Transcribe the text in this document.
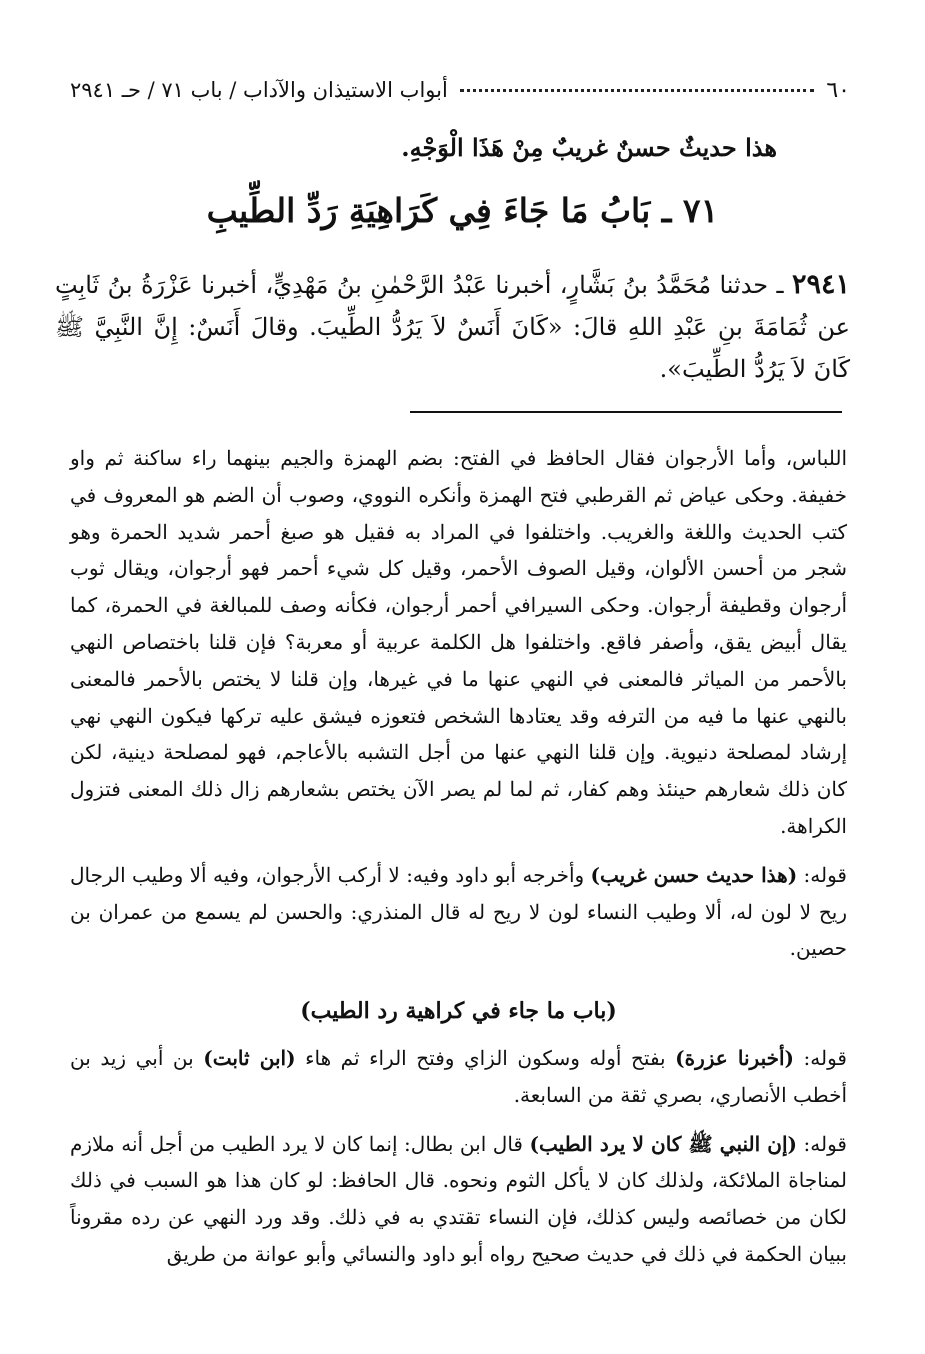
٦٠
أبواب الاستيذان والآداب / باب ٧١ / حـ ٢٩٤١
هذا حديثٌ حسنٌ غريبٌ مِنْ هَذَا الْوَجْهِ.
٧١ ـ بَابُ مَا جَاءَ فِي كَرَاهِيَةِ رَدِّ الطِّيبِ
٢٩٤١ ـ حدثنا مُحَمَّدُ بنُ بَشَّارٍ، أخبرنا عَبْدُ الرَّحْمٰنِ بنُ مَهْدِيٍّ، أخبرنا عَزْرَةُ بنُ ثَابِتٍ عن ثُمَامَةَ بنِ عَبْدِ اللهِ قالَ: «كَانَ أَنَسٌ لاَ يَرُدُّ الطِّيبَ. وقالَ أَنَسٌ: إِنَّ النَّبِيَّ ﷺ كَانَ لاَ يَرُدُّ الطِّيبَ».

اللباس، وأما الأرجوان فقال الحافظ في الفتح: بضم الهمزة والجيم بينهما راء ساكنة ثم واو خفيفة. وحكى عياض ثم القرطبي فتح الهمزة وأنكره النووي، وصوب أن الضم هو المعروف في كتب الحديث واللغة والغريب. واختلفوا في المراد به فقيل هو صبغ أحمر شديد الحمرة وهو شجر من أحسن الألوان، وقيل الصوف الأحمر، وقيل كل شيء أحمر فهو أرجوان، ويقال ثوب أرجوان وقطيفة أرجوان. وحكى السيرافي أحمر أرجوان، فكأنه وصف للمبالغة في الحمرة، كما يقال أبيض يقق، وأصفر فاقع. واختلفوا هل الكلمة عربية أو معربة؟ فإن قلنا باختصاص النهي بالأحمر من المياثر فالمعنى في النهي عنها ما في غيرها، وإن قلنا لا يختص بالأحمر فالمعنى بالنهي عنها ما فيه من الترفه وقد يعتادها الشخص فتعوزه فيشق عليه تركها فيكون النهي نهي إرشاد لمصلحة دنيوية. وإن قلنا النهي عنها من أجل التشبه بالأعاجم، فهو لمصلحة دينية، لكن كان ذلك شعارهم حينئذ وهم كفار، ثم لما لم يصر الآن يختص بشعارهم زال ذلك المعنى فتزول الكراهة.

قوله: (هذا حديث حسن غريب) وأخرجه أبو داود وفيه: لا أركب الأرجوان، وفيه ألا وطيب الرجال ريح لا لون له، ألا وطيب النساء لون لا ريح له قال المنذري: والحسن لم يسمع من عمران بن حصين.

(باب ما جاء في كراهية رد الطيب)

قوله: (أخبرنا عزرة) بفتح أوله وسكون الزاي وفتح الراء ثم هاء (ابن ثابت) بن أبي زيد بن أخطب الأنصاري، بصري ثقة من السابعة.

قوله: (إن النبي ﷺ كان لا يرد الطيب) قال ابن بطال: إنما كان لا يرد الطيب من أجل أنه ملازم لمناجاة الملائكة، ولذلك كان لا يأكل الثوم ونحوه. قال الحافظ: لو كان هذا هو السبب في ذلك لكان من خصائصه وليس كذلك، فإن النساء تقتدي به في ذلك. وقد ورد النهي عن رده مقروناً ببيان الحكمة في ذلك في حديث صحيح رواه أبو داود والنسائي وأبو عوانة من طريق
